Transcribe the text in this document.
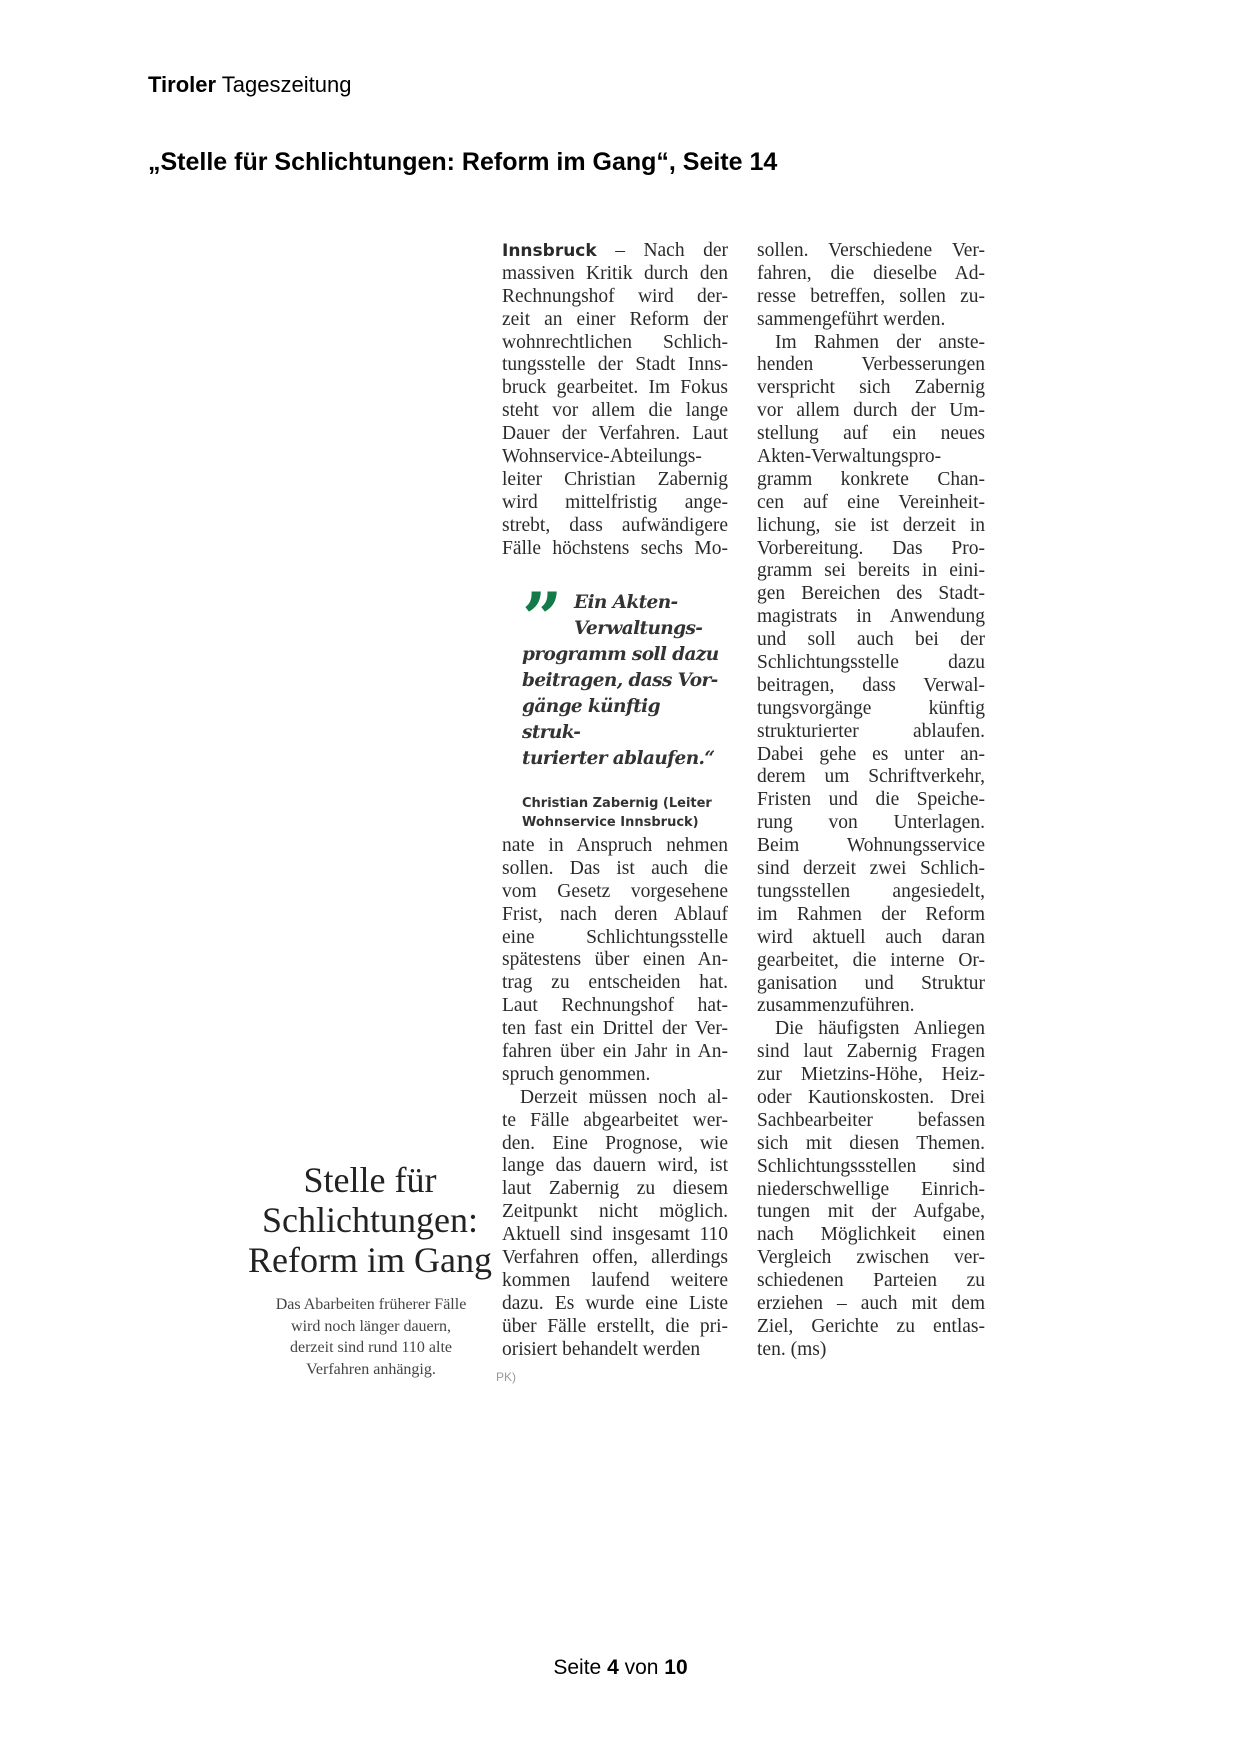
Tiroler Tageszeitung
„Stelle für Schlichtungen: Reform im Gang“, Seite 14
Innsbruck – Nach der
massiven Kritik durch den
Rechnungshof wird der-
zeit an einer Reform der
wohnrechtlichen Schlich-
tungsstelle der Stadt Inns-
bruck gearbeitet. Im Fokus
steht vor allem die lange
Dauer der Verfahren. Laut
Wohnservice-Abteilungs-
leiter Christian Zabernig
wird mittelfristig ange-
strebt, dass aufwändigere
Fälle höchstens sechs Mo-
” Ein Akten-
Verwaltungs-
programm soll dazu
beitragen, dass Vor-
gänge künftig struk-
turierter ablaufen.“
Christian Zabernig (Leiter
Wohnservice Innsbruck)
nate in Anspruch nehmen
sollen. Das ist auch die
vom Gesetz vorgesehene
Frist, nach deren Ablauf
eine Schlichtungsstelle
spätestens über einen An-
trag zu entscheiden hat.
Laut Rechnungshof hat-
ten fast ein Drittel der Ver-
fahren über ein Jahr in An-
spruch genommen.
Derzeit müssen noch al-
te Fälle abgearbeitet wer-
den. Eine Prognose, wie
lange das dauern wird, ist
laut Zabernig zu diesem
Zeitpunkt nicht möglich.
Aktuell sind insgesamt 110
Verfahren offen, allerdings
kommen laufend weitere
dazu. Es wurde eine Liste
über Fälle erstellt, die pri-
orisiert behandelt werden
sollen. Verschiedene Ver-
fahren, die dieselbe Ad-
resse betreffen, sollen zu-
sammengeführt werden.
Im Rahmen der anste-
henden Verbesserungen
verspricht sich Zabernig
vor allem durch der Um-
stellung auf ein neues
Akten-Verwaltungspro-
gramm konkrete Chan-
cen auf eine Vereinheit-
lichung, sie ist derzeit in
Vorbereitung. Das Pro-
gramm sei bereits in eini-
gen Bereichen des Stadt-
magistrats in Anwendung
und soll auch bei der
Schlichtungsstelle dazu
beitragen, dass Verwal-
tungsvorgänge künftig
strukturierter ablaufen.
Dabei gehe es unter an-
derem um Schriftverkehr,
Fristen und die Speiche-
rung von Unterlagen.
Beim Wohnungsservice
sind derzeit zwei Schlich-
tungsstellen angesiedelt,
im Rahmen der Reform
wird aktuell auch daran
gearbeitet, die interne Or-
ganisation und Struktur
zusammenzuführen.
Die häufigsten Anliegen
sind laut Zabernig Fragen
zur Mietzins-Höhe, Heiz-
oder Kautionskosten. Drei
Sachbearbeiter befassen
sich mit diesen Themen.
Schlichtungssstellen sind
niederschwellige Einrich-
tungen mit der Aufgabe,
nach Möglichkeit einen
Vergleich zwischen ver-
schiedenen Parteien zu
erziehen – auch mit dem
Ziel, Gerichte zu entlas-
ten. (ms)
PK)
Stelle für
Schlichtungen:
Reform im Gang
Das Abarbeiten früherer Fälle
wird noch länger dauern,
derzeit sind rund 110 alte
Verfahren anhängig.
Seite 4 von 10
